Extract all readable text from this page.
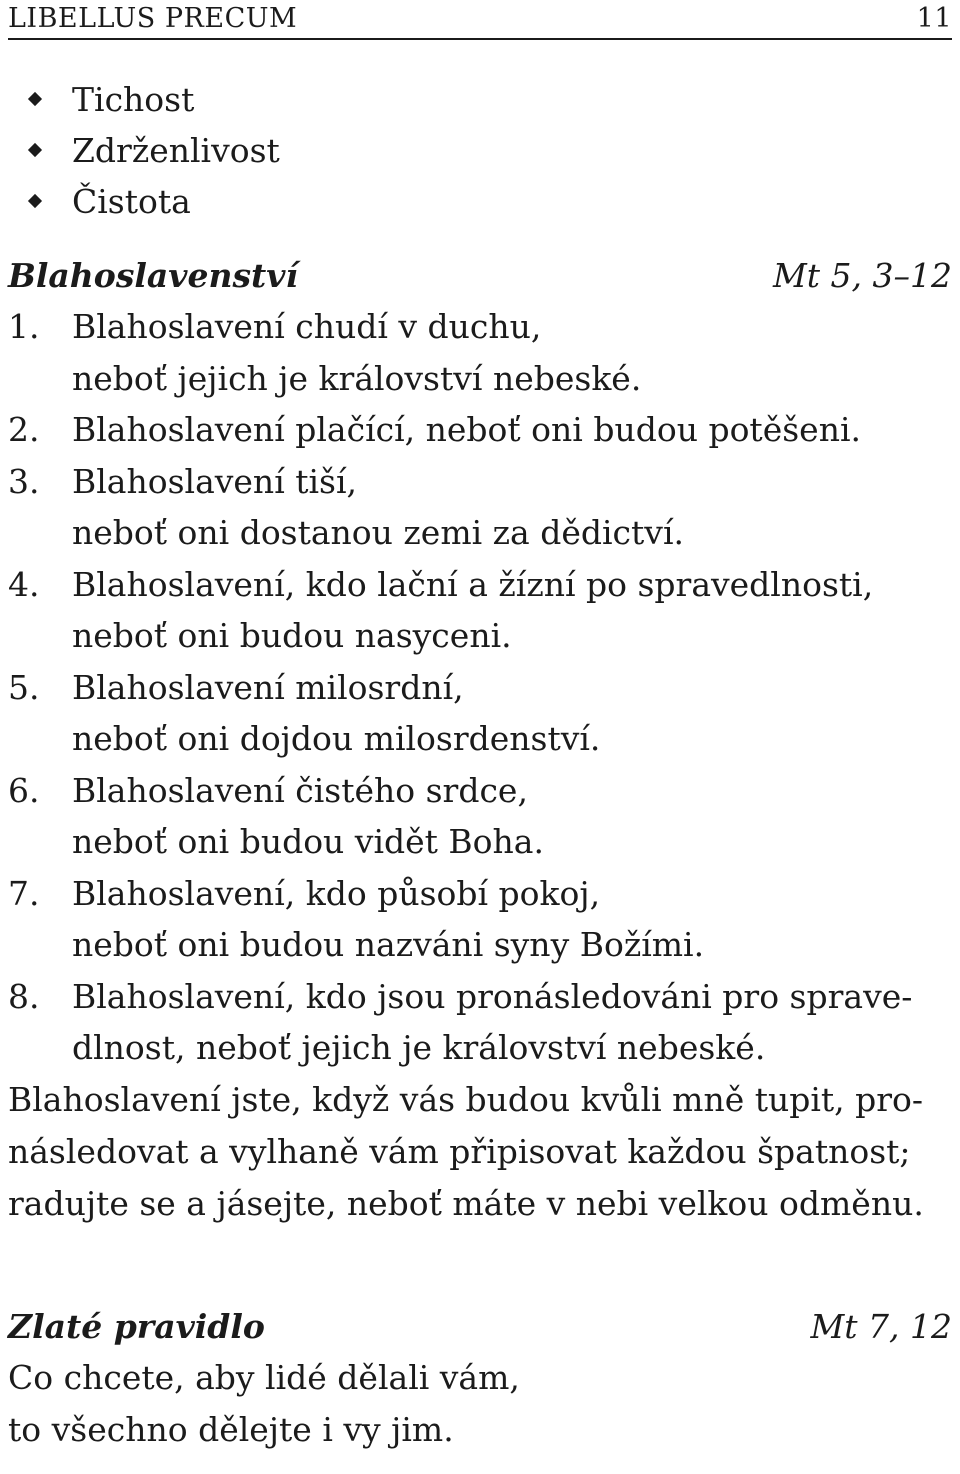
LIBELLUS PRECUM	11
Tichost
Zdrženlivost
Čistota
Blahoslavenství	Mt 5, 3–12
1. Blahoslavení chudí v duchu,
neboť jejich je království nebeské.
2. Blahoslavení plačící, neboť oni budou potěšeni.
3. Blahoslavení tiší,
neboť oni dostanou zemi za dědictví.
4. Blahoslavení, kdo lační a žízní po spravedlnosti,
neboť oni budou nasyceni.
5. Blahoslavení milosrdní,
neboť oni dojdou milosrdenství.
6. Blahoslavení čistého srdce,
neboť oni budou vidět Boha.
7. Blahoslavení, kdo působí pokoj,
neboť oni budou nazváni syny Božími.
8. Blahoslavení, kdo jsou pronásledováni pro sprave-
dlnost, neboť jejich je království nebeské.
Blahoslavení jste, když vás budou kvůli mně tupit, pro-
následovat a vylhaně vám připisovat každou špatnost;
radujte se a jásejte, neboť máte v nebi velkou odměnu.
Zlaté pravidlo	Mt 7, 12
Co chcete, aby lidé dělali vám,
to všechno dělejte i vy jim.
